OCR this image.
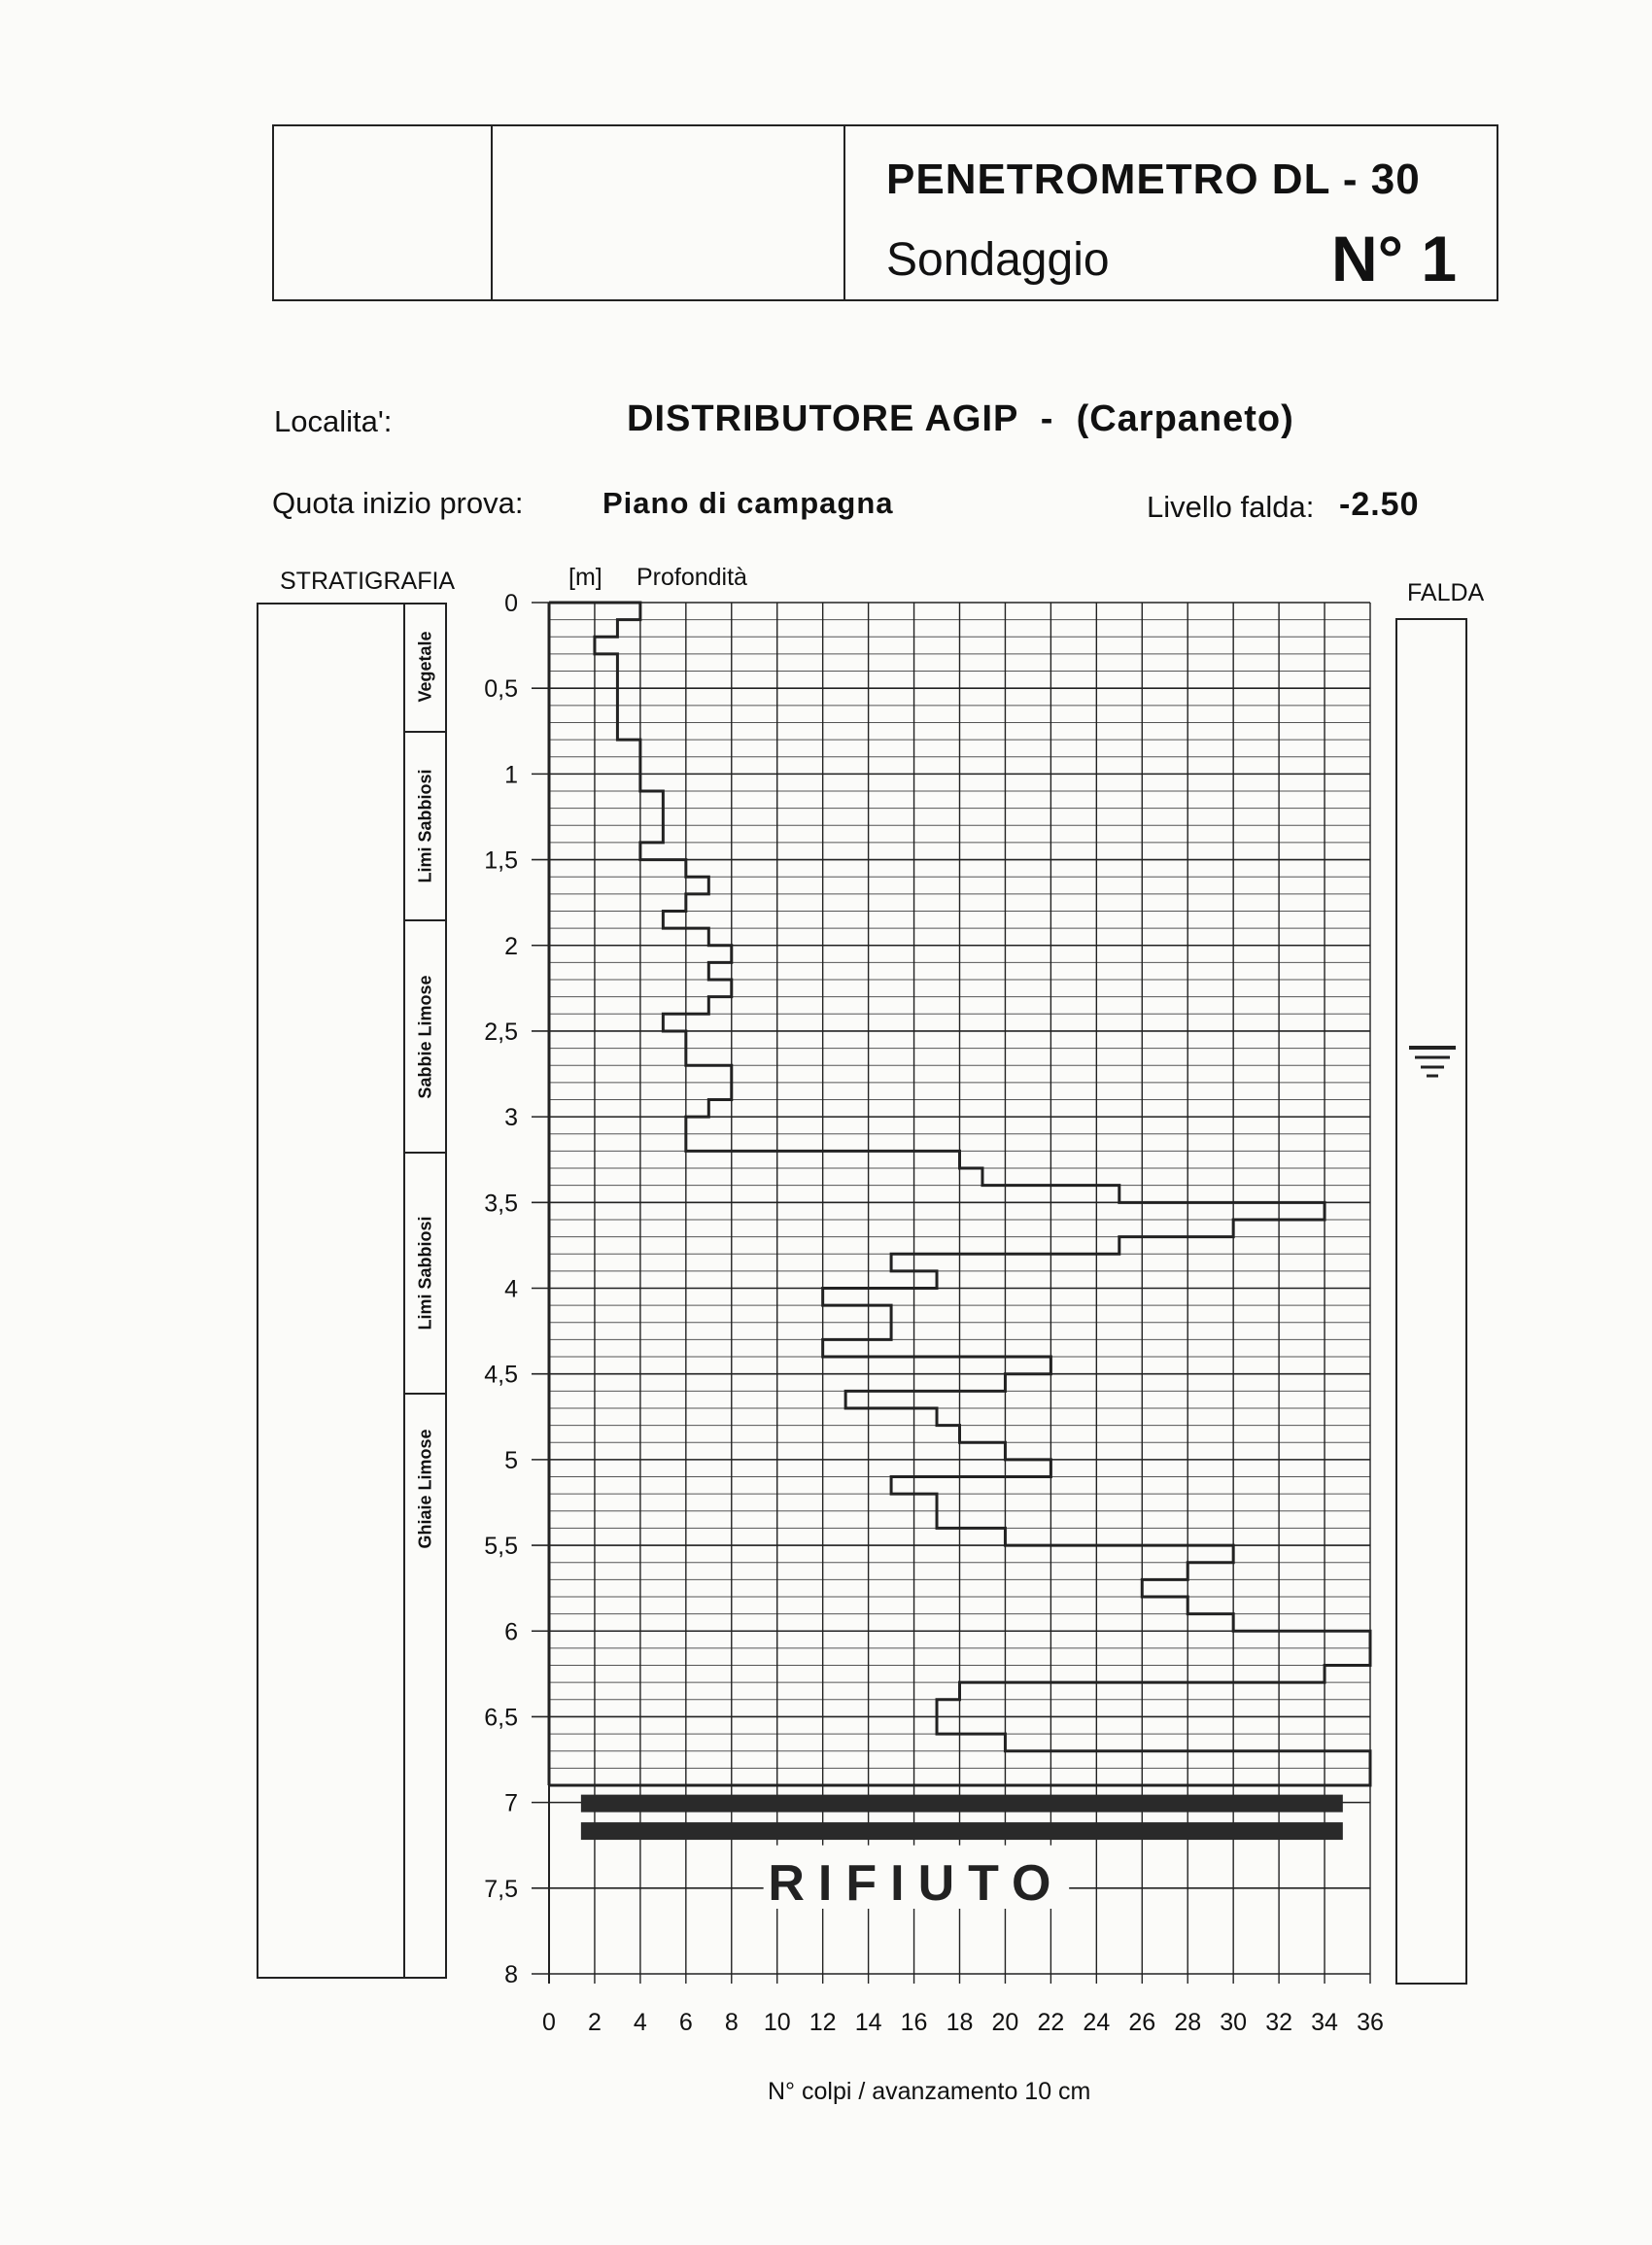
PENETROMETRO DL - 30
Sondaggio	N° 1
Localita':	DISTRIBUTORE AGIP  -  (Carpaneto)
Quota inizio prova:	Piano di campagna	Livello falda: -2.50
STRATIGRAFIA	[m] Profondità
FALDA
Vegetale
Limi Sabbiosi
Sabbie Limose
Limi Sabbiosi
Ghiaie Limose
0
0,5
1
1,5
2
2,5
3
3,5
4
4,5
5
5,5
6
6,5
7
7,5
8
0 2 4 6 8 10 12 14 16 18 20 22 24 26 28 30 32 34 36
RIFIUTO
N° colpi / avanzamento 10 cm
